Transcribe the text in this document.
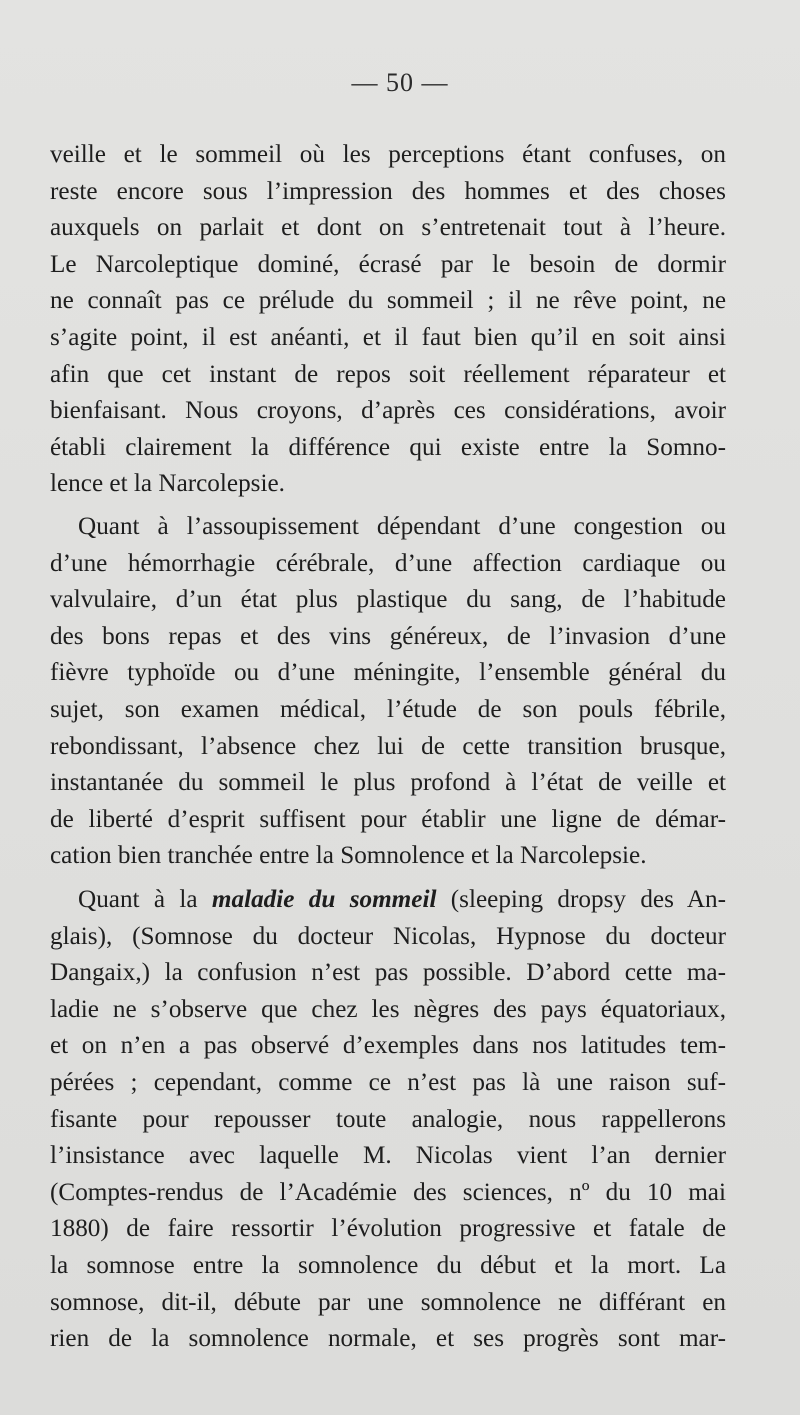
— 50 —
veille et le sommeil où les perceptions étant confuses, on
reste encore sous l’impression des hommes et des choses
auxquels on parlait et dont on s’entretenait tout à l’heure.
Le Narcoleptique dominé, écrasé par le besoin de dormir
ne connaît pas ce prélude du sommeil ; il ne rêve point, ne
s’agite point, il est anéanti, et il faut bien qu’il en soit ainsi
afin que cet instant de repos soit réellement réparateur et
bienfaisant. Nous croyons, d’après ces considérations, avoir
établi clairement la différence qui existe entre la Somno-
lence et la Narcolepsie.
Quant à l’assoupissement dépendant d’une congestion ou
d’une hémorrhagie cérébrale, d’une affection cardiaque ou
valvulaire, d’un état plus plastique du sang, de l’habitude
des bons repas et des vins généreux, de l’invasion d’une
fièvre typhoïde ou d’une méningite, l’ensemble général du
sujet, son examen médical, l’étude de son pouls fébrile,
rebondissant, l’absence chez lui de cette transition brusque,
instantanée du sommeil le plus profond à l’état de veille et
de liberté d’esprit suffisent pour établir une ligne de démar-
cation bien tranchée entre la Somnolence et la Narcolepsie.
Quant à la maladie du sommeil (sleeping dropsy des An-
glais), (Somnose du docteur Nicolas, Hypnose du docteur
Dangaix,) la confusion n’est pas possible. D’abord cette ma-
ladie ne s’observe que chez les nègres des pays équatoriaux,
et on n’en a pas observé d’exemples dans nos latitudes tem-
pérées ; cependant, comme ce n’est pas là une raison suf-
fisante pour repousser toute analogie, nous rappellerons
l’insistance avec laquelle M. Nicolas vient l’an dernier
(Comptes-rendus de l’Académie des sciences, nº du 10 mai
1880) de faire ressortir l’évolution progressive et fatale de
la somnose entre la somnolence du début et la mort. La
somnose, dit-il, débute par une somnolence ne différant en
rien de la somnolence normale, et ses progrès sont mar-
